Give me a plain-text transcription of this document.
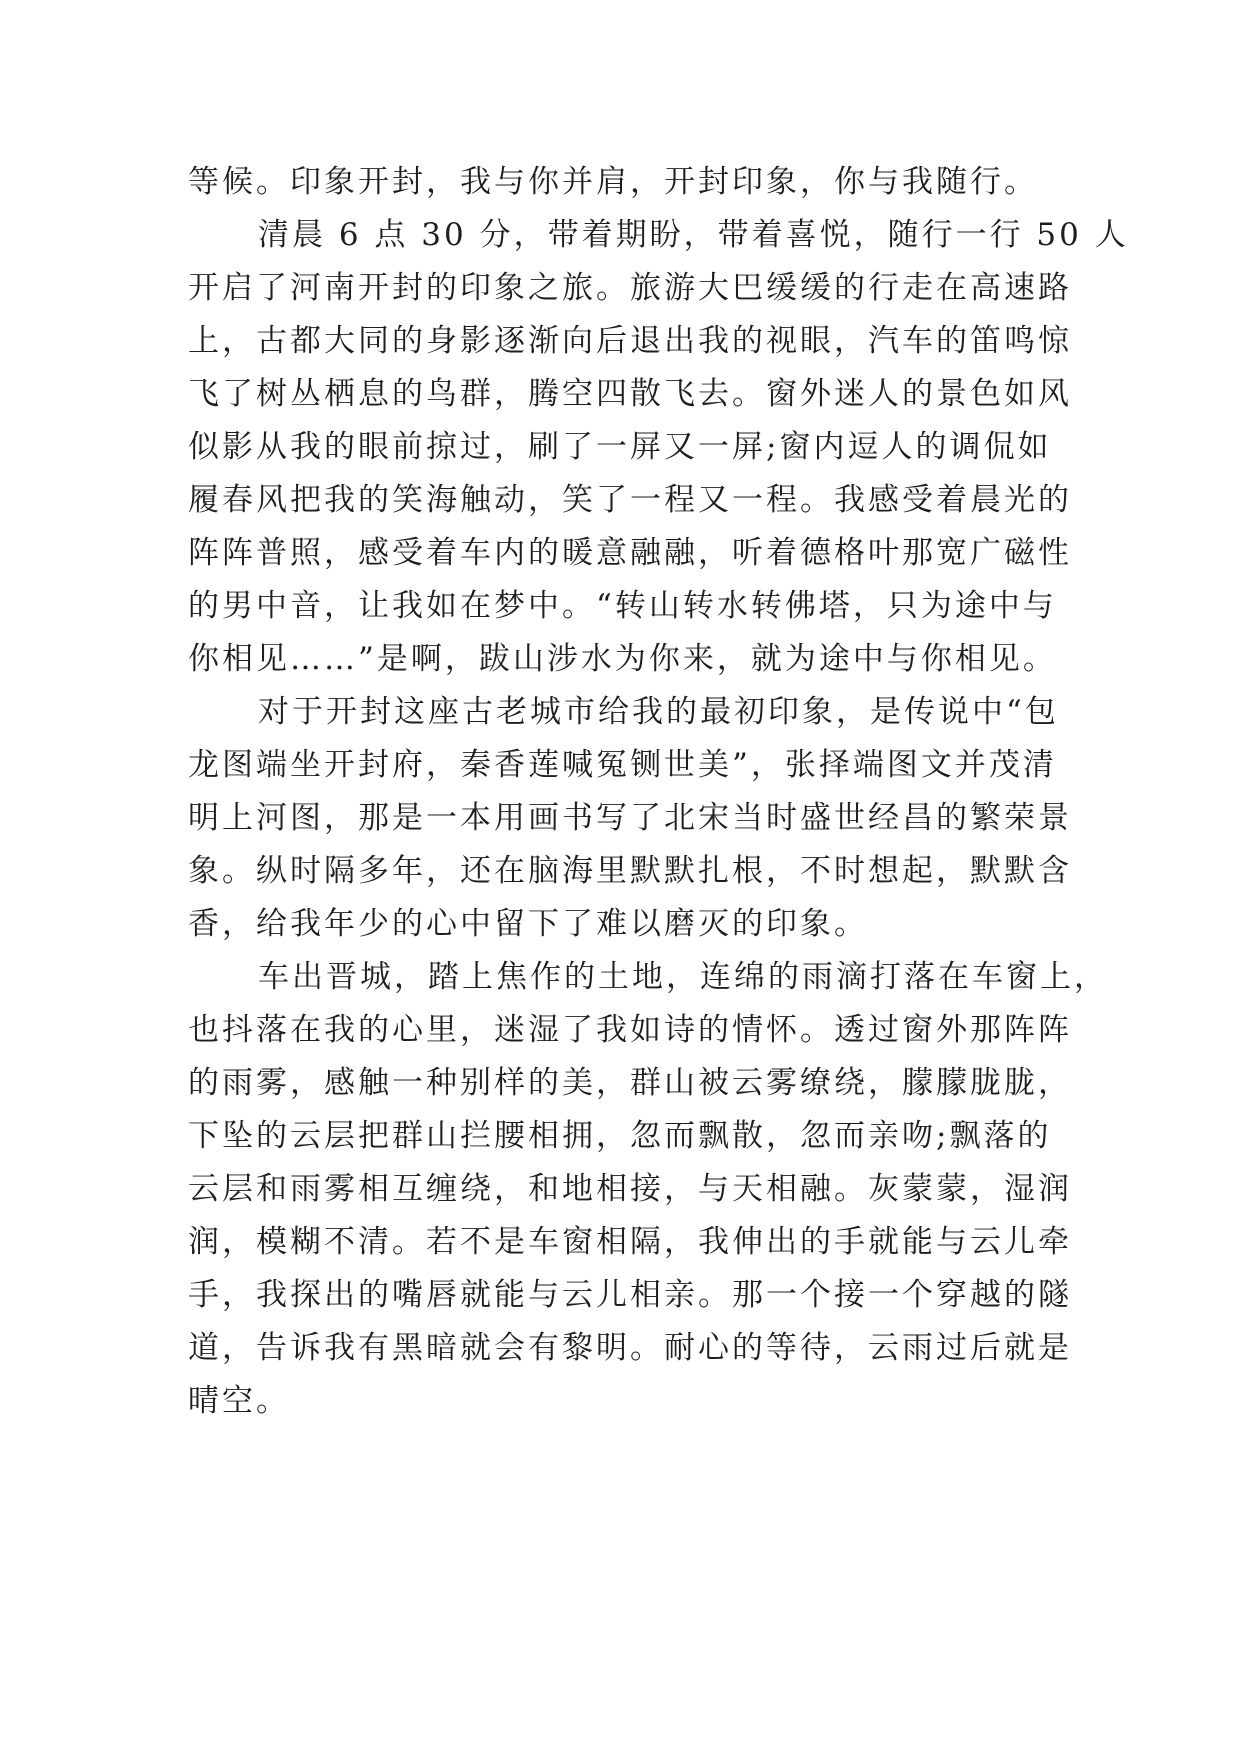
等候。印象开封，我与你并肩，开封印象，你与我随行。
清晨 6 点 30 分，带着期盼，带着喜悦，随行一行 50 人
开启了河南开封的印象之旅。旅游大巴缓缓的行走在高速路
上，古都大同的身影逐渐向后退出我的视眼，汽车的笛鸣惊
飞了树丛栖息的鸟群，腾空四散飞去。窗外迷人的景色如风
似影从我的眼前掠过，刷了一屏又一屏;窗内逗人的调侃如
履春风把我的笑海触动，笑了一程又一程。我感受着晨光的
阵阵普照，感受着车内的暖意融融，听着德格叶那宽广磁性
的男中音，让我如在梦中。“转山转水转佛塔，只为途中与
你相见……”是啊，跋山涉水为你来，就为途中与你相见。
对于开封这座古老城市给我的最初印象，是传说中“包
龙图端坐开封府，秦香莲喊冤铡世美”，张择端图文并茂清
明上河图，那是一本用画书写了北宋当时盛世经昌的繁荣景
象。纵时隔多年，还在脑海里默默扎根，不时想起，默默含
香，给我年少的心中留下了难以磨灭的印象。
车出晋城，踏上焦作的土地，连绵的雨滴打落在车窗上，
也抖落在我的心里，迷湿了我如诗的情怀。透过窗外那阵阵
的雨雾，感触一种别样的美，群山被云雾缭绕，朦朦胧胧，
下坠的云层把群山拦腰相拥，忽而飘散，忽而亲吻;飘落的
云层和雨雾相互缠绕，和地相接，与天相融。灰蒙蒙，湿润
润，模糊不清。若不是车窗相隔，我伸出的手就能与云儿牵
手，我探出的嘴唇就能与云儿相亲。那一个接一个穿越的隧
道，告诉我有黑暗就会有黎明。耐心的等待，云雨过后就是
晴空。
